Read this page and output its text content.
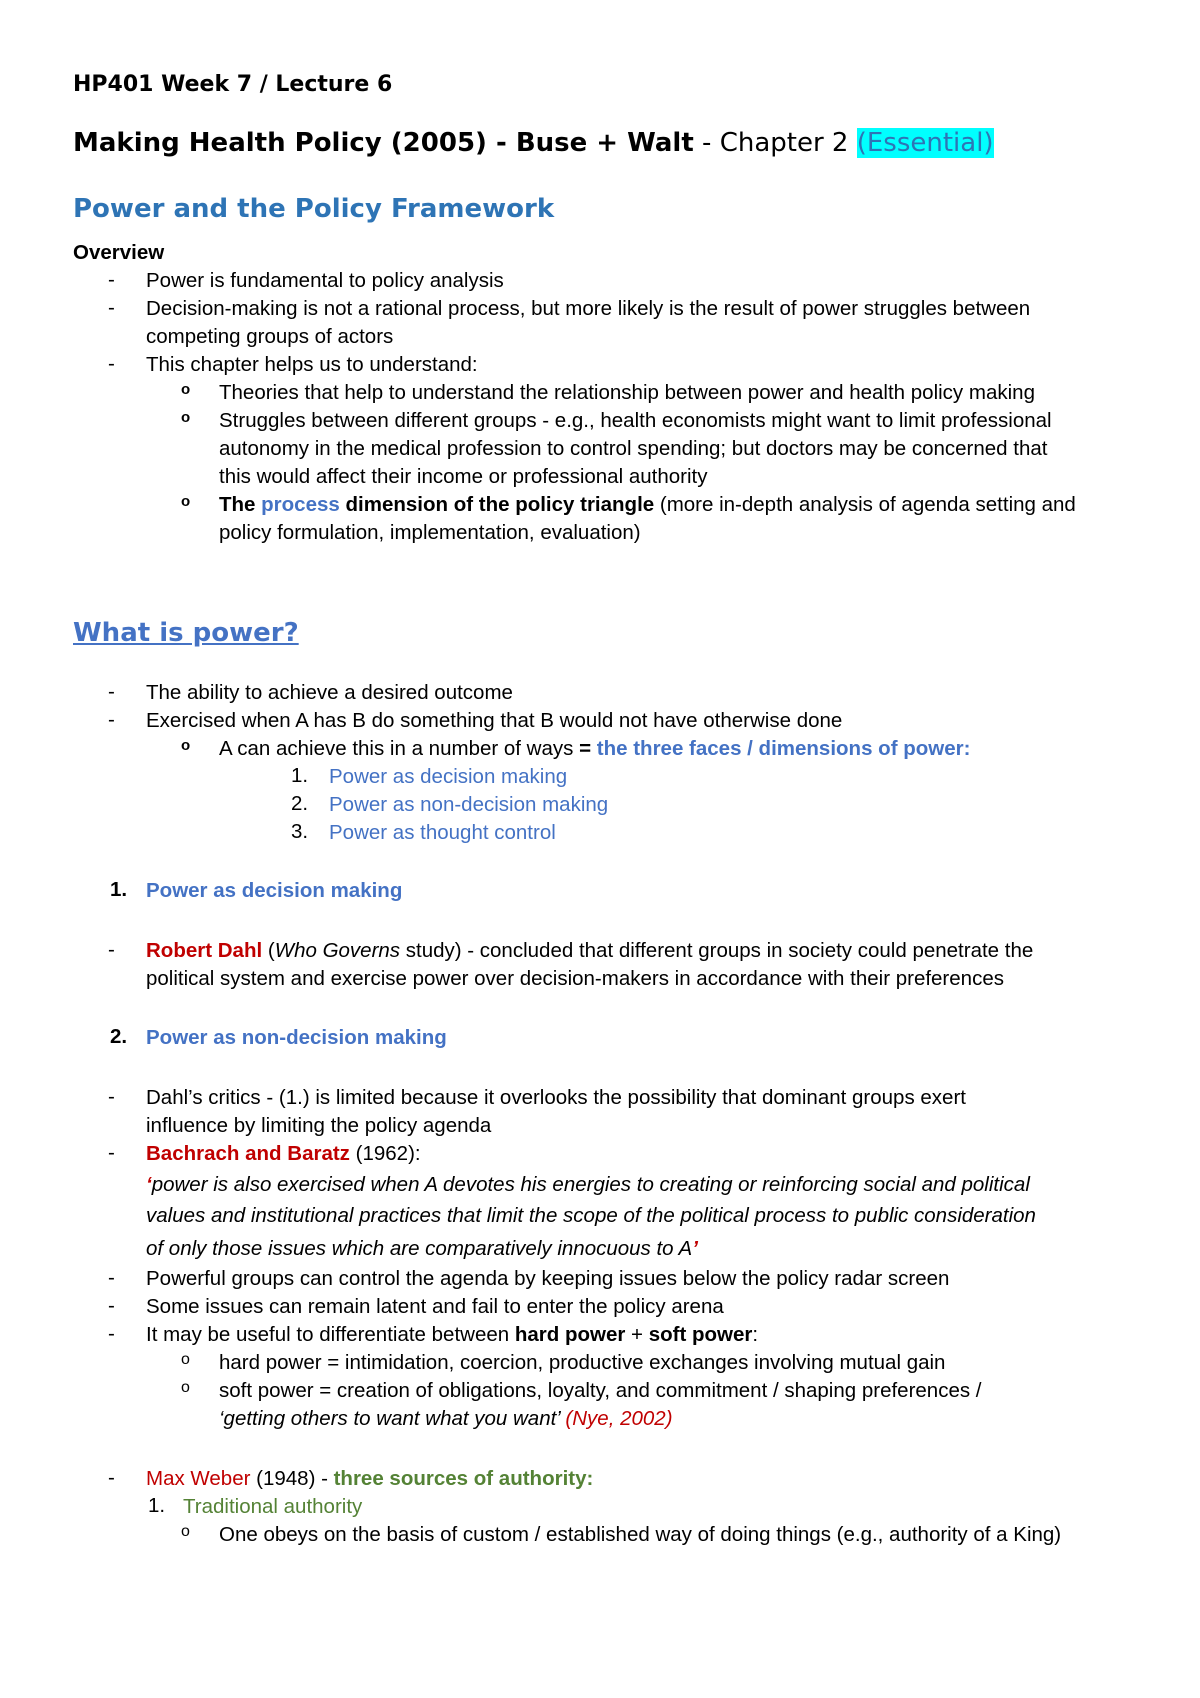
HP401 Week 7 / Lecture 6
Making Health Policy (2005) - Buse + Walt - Chapter 2 (Essential)
Power and the Policy Framework
Overview
- Power is fundamental to policy analysis
- Decision-making is not a rational process, but more likely is the result of power struggles between
competing groups of actors
- This chapter helps us to understand:
o Theories that help to understand the relationship between power and health policy making
o Struggles between different groups - e.g., health economists might want to limit professional
autonomy in the medical profession to control spending; but doctors may be concerned that
this would affect their income or professional authority
o The process dimension of the policy triangle (more in-depth analysis of agenda setting and
policy formulation, implementation, evaluation)
What is power?
- The ability to achieve a desired outcome
- Exercised when A has B do something that B would not have otherwise done
o A can achieve this in a number of ways = the three faces / dimensions of power:
1. Power as decision making
2. Power as non-decision making
3. Power as thought control
1. Power as decision making
- Robert Dahl (Who Governs study) - concluded that different groups in society could penetrate the
political system and exercise power over decision-makers in accordance with their preferences
2. Power as non-decision making
- Dahl’s critics - (1.) is limited because it overlooks the possibility that dominant groups exert
influence by limiting the policy agenda
- Bachrach and Baratz (1962):
‘power is also exercised when A devotes his energies to creating or reinforcing social and political
values and institutional practices that limit the scope of the political process to public consideration
of only those issues which are comparatively innocuous to A’
- Powerful groups can control the agenda by keeping issues below the policy radar screen
- Some issues can remain latent and fail to enter the policy arena
- It may be useful to differentiate between hard power + soft power:
o hard power = intimidation, coercion, productive exchanges involving mutual gain
o soft power = creation of obligations, loyalty, and commitment / shaping preferences /
‘getting others to want what you want’ (Nye, 2002)
- Max Weber (1948) - three sources of authority:
1. Traditional authority
o One obeys on the basis of custom / established way of doing things (e.g., authority of a King)
